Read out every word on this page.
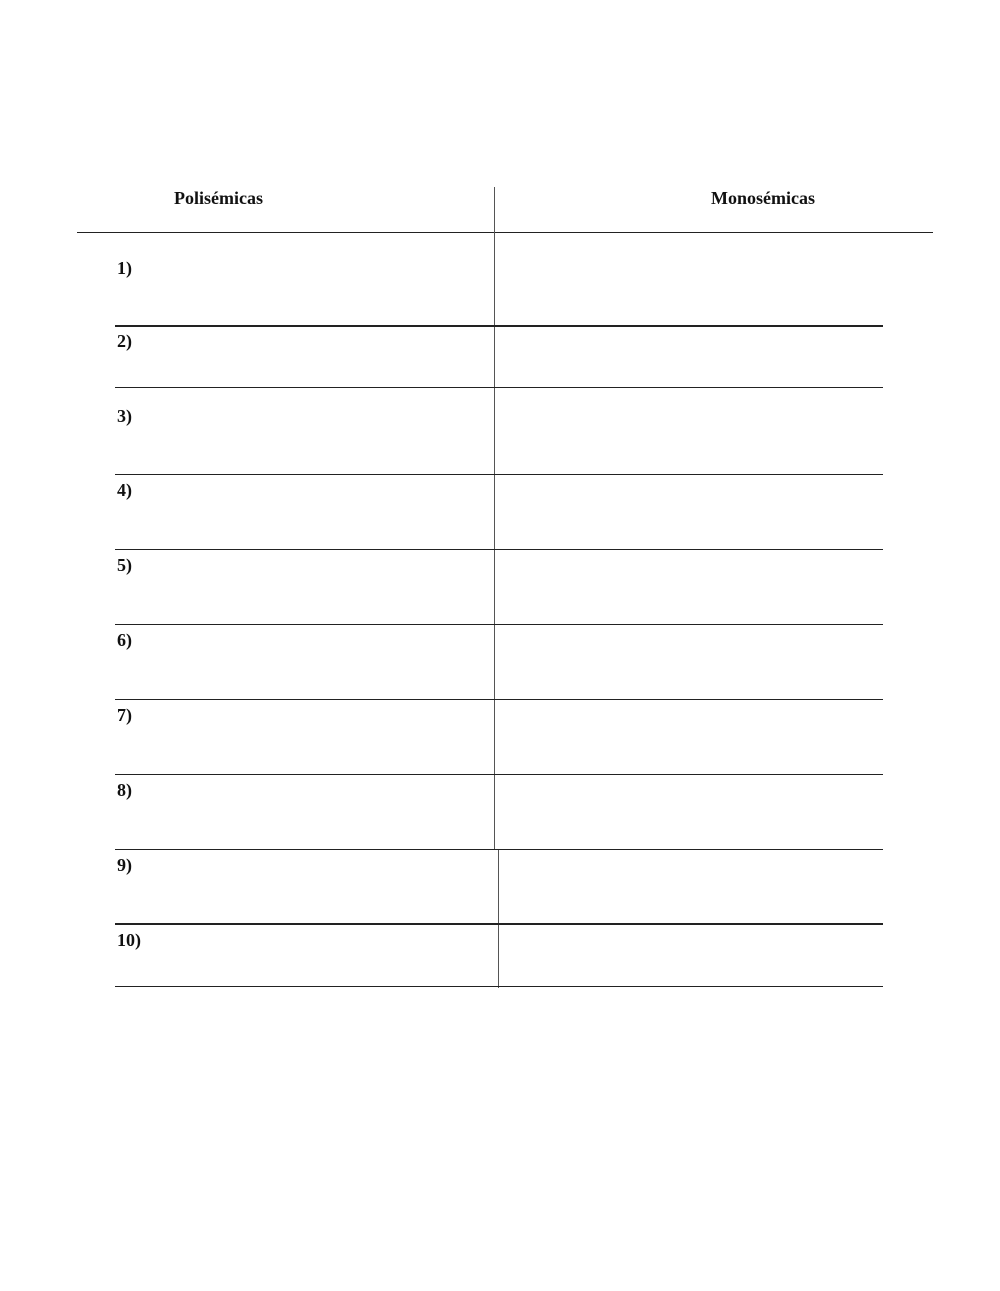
Polisémicas	Monosémicas
1)
2)
3)
4)
5)
6)
7)
8)
9)
10)
